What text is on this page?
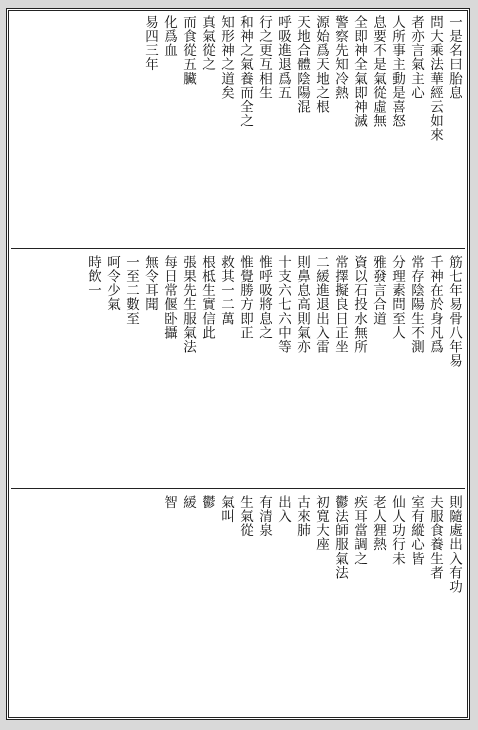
一是名曰胎息
問大乘法華經云如來
者亦言氣主心
人所事主動是喜怒
息要不是氣從虛無
全即神全氣即神滅
警察先知冷熱
源始爲天地之根
天地合體陰陽混
呼吸進退爲五
行之更互相生
和神之氣養而全之
知形神之道矣
真氣從之
而食從五臟
化爲血
易四三年
筋七年易骨八年易
千神在於身凡爲
常存陰陽生不測
分理素問至人
雅發言合道
資以石投水無所
常擇擬良日正坐
二緩進退出入雷
則鼻息高則氣亦
十支六七六中等
惟呼吸將息之
惟覺勝方即正
救其一二萬
根柢生實信此
張果先生服氣法
每日常偃卧攝
無令耳聞
一至二數至
呵令少氣
時飲一
則隨處出入有功
夫服食養生者
室有縱心皆
仙人功行未
老人狸熱
疾耳當調之
鬱法師服氣法
初寬大座
古來肺
出入
有清泉
生氣從
氣叫
鬱
緩
智
